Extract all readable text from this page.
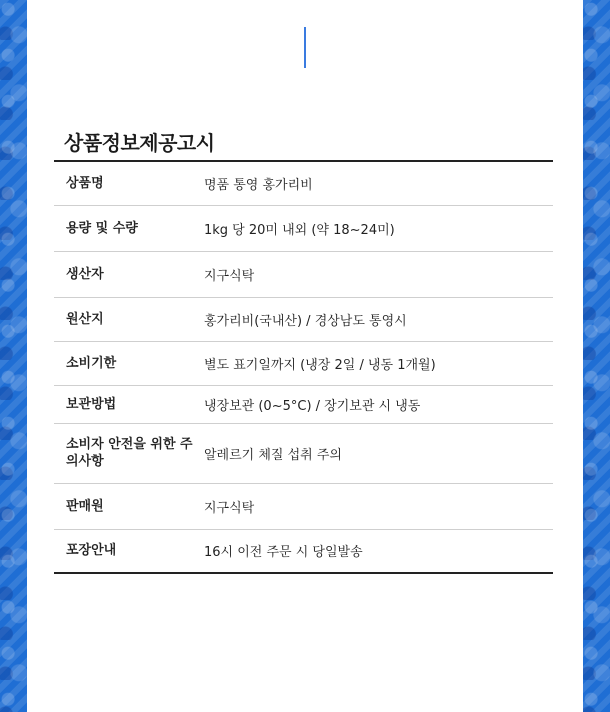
상품정보제공고시
상품명	명품 통영 홍가리비
용량 및 수량	1kg 당 20미 내외 (약 18~24미)
생산자	지구식탁
원산지	홍가리비(국내산) / 경상남도 통영시
소비기한	별도 표기일까지 (냉장 2일 / 냉동 1개월)
보관방법	냉장보관 (0~5°C) / 장기보관 시 냉동
소비자 안전을 위한 주의사항	알레르기 체질 섭취 주의
판매원	지구식탁
포장안내	16시 이전 주문 시 당일발송
